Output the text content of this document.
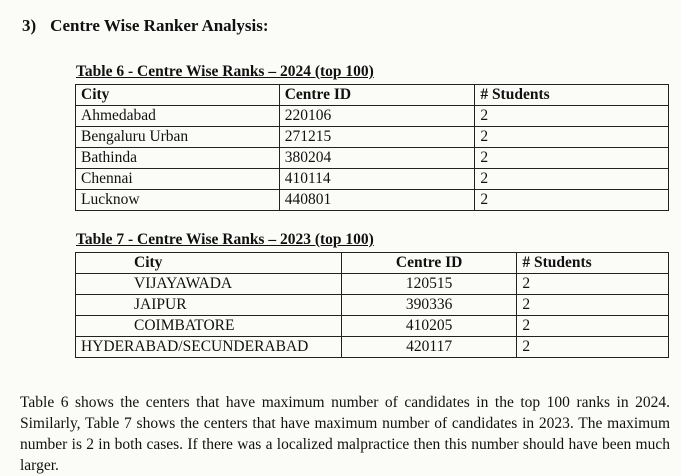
3) Centre Wise Ranker Analysis:
Table 6 - Centre Wise Ranks – 2024 (top 100)
City	Centre ID	# Students
Ahmedabad	220106	2
Bengaluru Urban	271215	2
Bathinda	380204	2
Chennai	410114	2
Lucknow	440801	2
Table 7 - Centre Wise Ranks – 2023 (top 100)
City	Centre ID	# Students
VIJAYAWADA	120515	2
JAIPUR	390336	2
COIMBATORE	410205	2
HYDERABAD/SECUNDERABAD	420117	2

Table 6 shows the centers that have maximum number of candidates in the top 100 ranks in 2024. Similarly, Table 7 shows the centers that have maximum number of candidates in 2023. The maximum number is 2 in both cases. If there was a localized malpractice then this number should have been much larger.
